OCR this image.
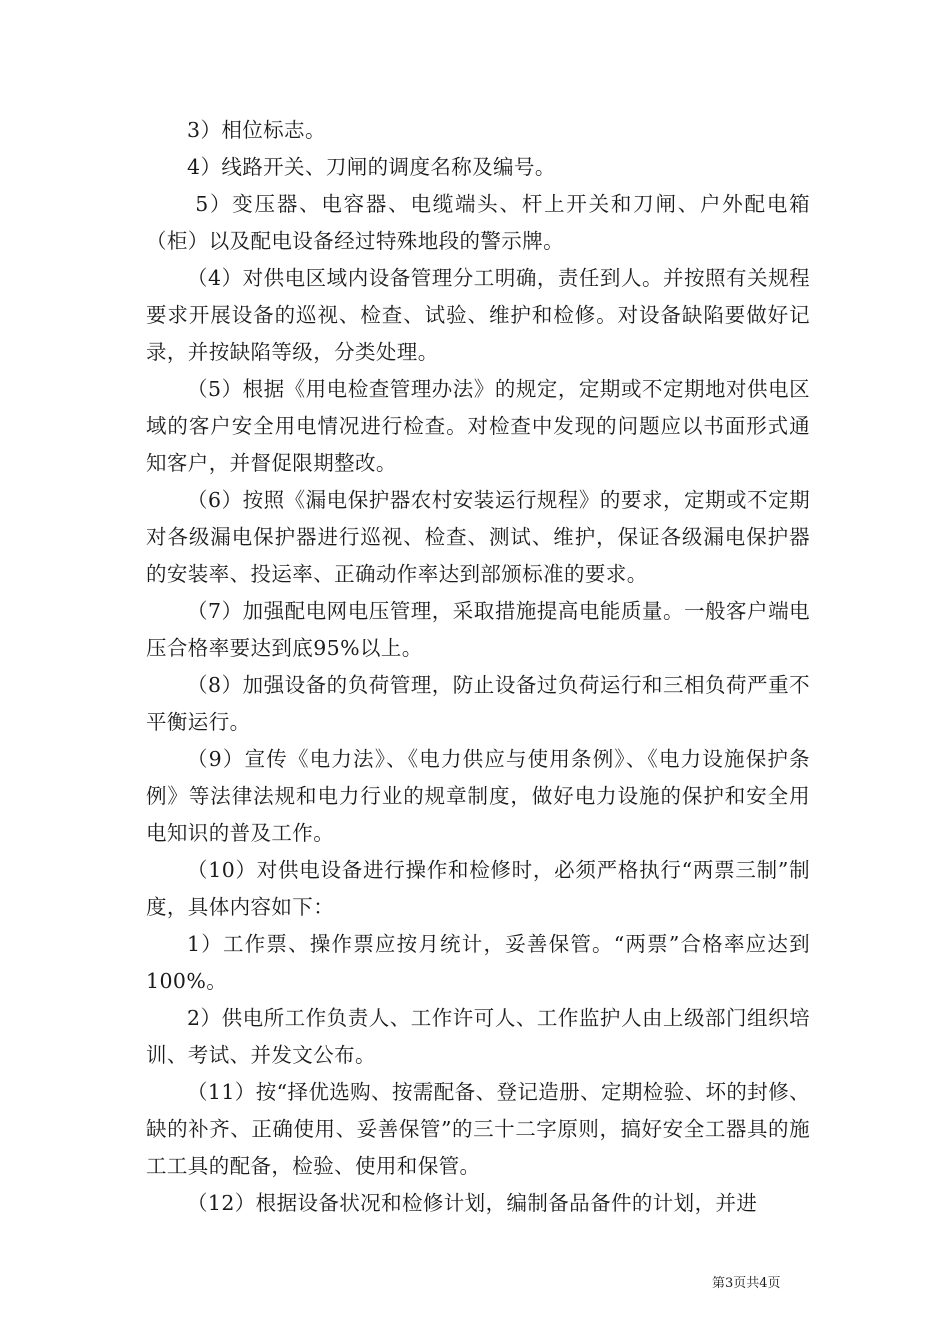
3）相位标志。

4）线路开关、刀闸的调度名称及编号。

5）变压器、电容器、电缆端头、杆上开关和刀闸、户外配电箱（柜）以及配电设备经过特殊地段的警示牌。

（4）对供电区域内设备管理分工明确，责任到人。并按照有关规程要求开展设备的巡视、检查、试验、维护和检修。对设备缺陷要做好记录，并按缺陷等级，分类处理。

（5）根据《用电检查管理办法》的规定，定期或不定期地对供电区域的客户安全用电情况进行检查。对检查中发现的问题应以书面形式通知客户，并督促限期整改。

（6）按照《漏电保护器农村安装运行规程》的要求，定期或不定期对各级漏电保护器进行巡视、检查、测试、维护，保证各级漏电保护器的安装率、投运率、正确动作率达到部颁标准的要求。

（7）加强配电网电压管理，采取措施提高电能质量。一般客户端电压合格率要达到底95%以上。

（8）加强设备的负荷管理，防止设备过负荷运行和三相负荷严重不平衡运行。

（9）宣传《电力法》、《电力供应与使用条例》、《电力设施保护条例》等法律法规和电力行业的规章制度，做好电力设施的保护和安全用电知识的普及工作。

（10）对供电设备进行操作和检修时，必须严格执行“两票三制”制度，具体内容如下：

1）工作票、操作票应按月统计，妥善保管。“两票”合格率应达到100%。

2）供电所工作负责人、工作许可人、工作监护人由上级部门组织培训、考试、并发文公布。

（11）按“择优选购、按需配备、登记造册、定期检验、坏的封修、缺的补齐、正确使用、妥善保管”的三十二字原则，搞好安全工器具的施工工具的配备，检验、使用和保管。

（12）根据设备状况和检修计划，编制备品备件的计划，并进

第3页共4页
